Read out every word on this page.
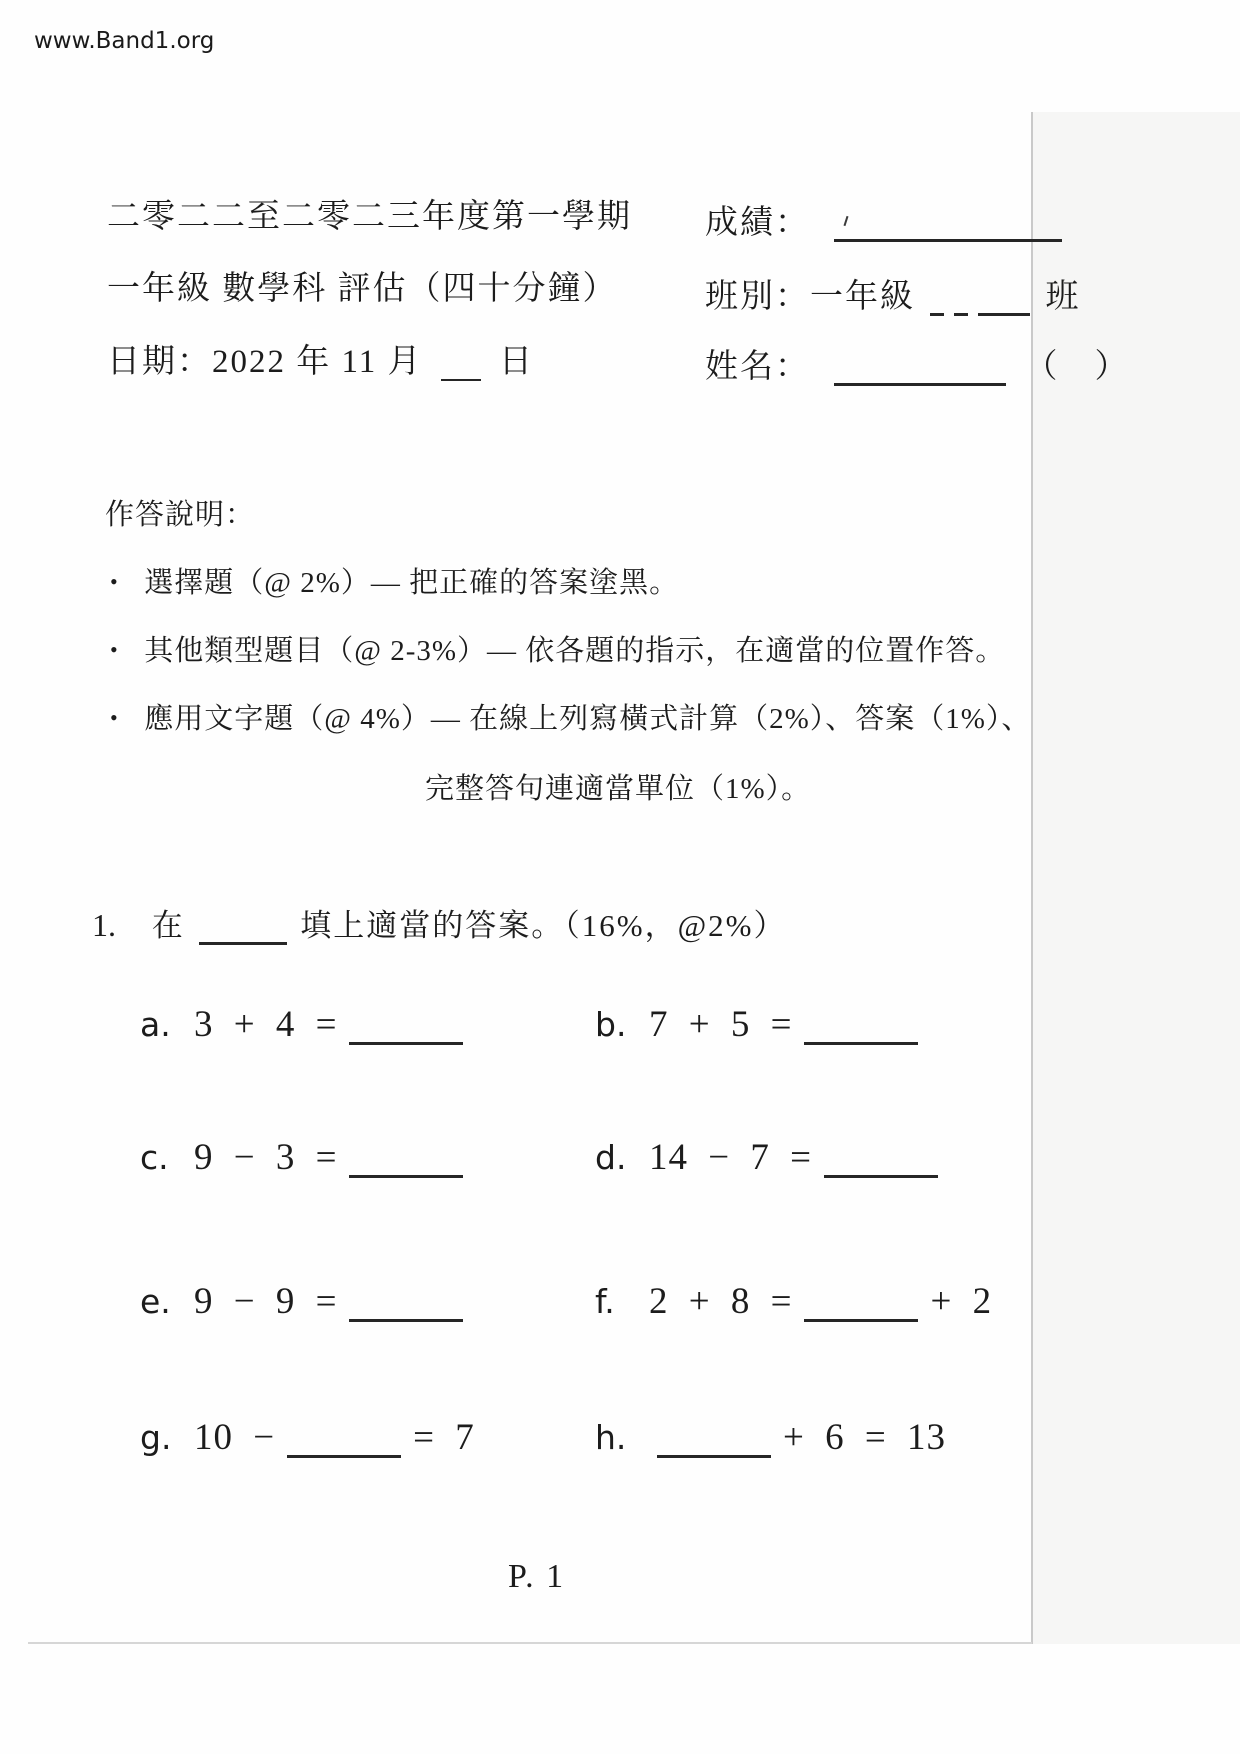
www.Band1.org
二零二二至二零二三年度第一學期
一年級 數學科 評估（四十分鐘）
日期：2022 年 11 月 日
成績：
班別：一年級	班
姓名：	（　）
作答說明：
• 選擇題（@ 2%）— 把正確的答案塗黑。
• 其他類型題目（@ 2-3%）— 依各題的指示，在適當的位置作答。
• 應用文字題（@ 4%）— 在線上列寫橫式計算（2%）、答案（1%）、
完整答句連適當單位（1%）。
1. 在	填上適當的答案。（16%，@2%）
a. 3 + 4 =	b. 7 + 5 =
c. 9 − 3 =	d. 14 − 7 =
e. 9 − 9 =	f. 2 + 8 =	+ 2
g. 10 −	= 7	h.	+ 6 = 13
P. 1
